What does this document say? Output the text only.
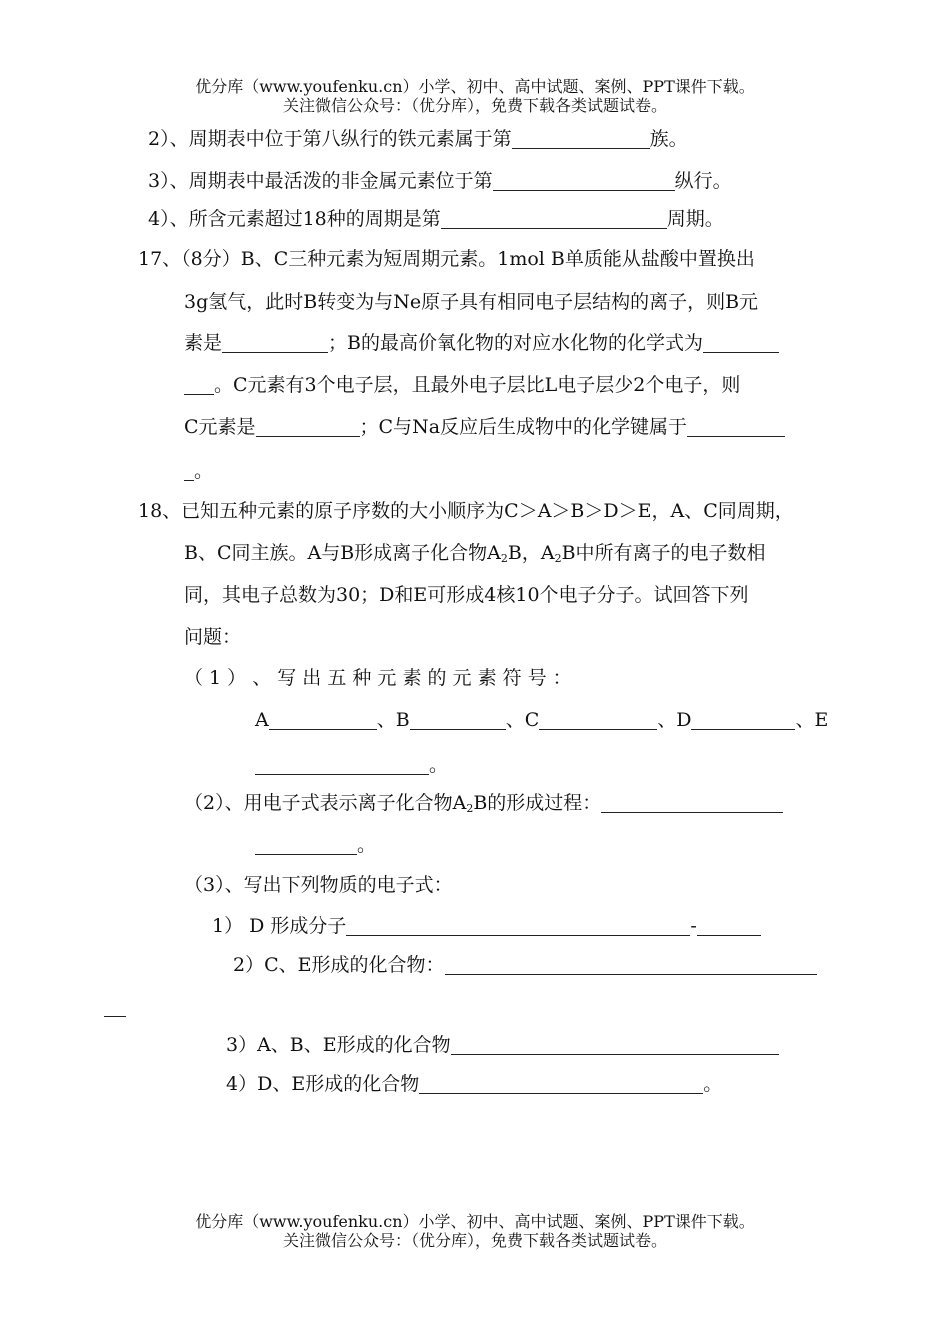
优分库（www.youfenku.cn）小学、初中、高中试题、案例、PPT课件下载。
关注微信公众号：（优分库），免费下载各类试题试卷。
2）、周期表中位于第八纵行的铁元素属于第	族。
3）、周期表中最活泼的非金属元素位于第	纵行。
4）、所含元素超过18种的周期是第	周期。
17、（8分）B、C三种元素为短周期元素。1mol B单质能从盐酸中置换出
3g氢气，此时B转变为与Ne原子具有相同电子层结构的离子，则B元
素是	；B的最高价氧化物的对应水化物的化学式为
。C元素有3个电子层，且最外电子层比L电子层少2个电子，则
C元素是	；C与Na反应后生成物中的化学键属于
。
18、已知五种元素的原子序数的大小顺序为C＞A＞B＞D＞E，A、C同周期，
B、C同主族。A与B形成离子化合物$A_2B$，$A_2B$中所有离子的电子数相
同，其电子总数为30；D和E可形成4核10个电子分子。试回答下列
问题：
（ 1 ） 、 写 出 五 种 元 素 的 元 素 符 号 ：
A	、B	、C	、D	、E
。
（2）、用电子式表示离子化合物$A_2B$的形成过程：
。
（3）、写出下列物质的电子式：
1） D 形成分子	-
2）C、E形成的化合物：
3）A、B、E形成的化合物
4）D、E形成的化合物	。
优分库（www.youfenku.cn）小学、初中、高中试题、案例、PPT课件下载。
关注微信公众号：（优分库），免费下载各类试题试卷。
